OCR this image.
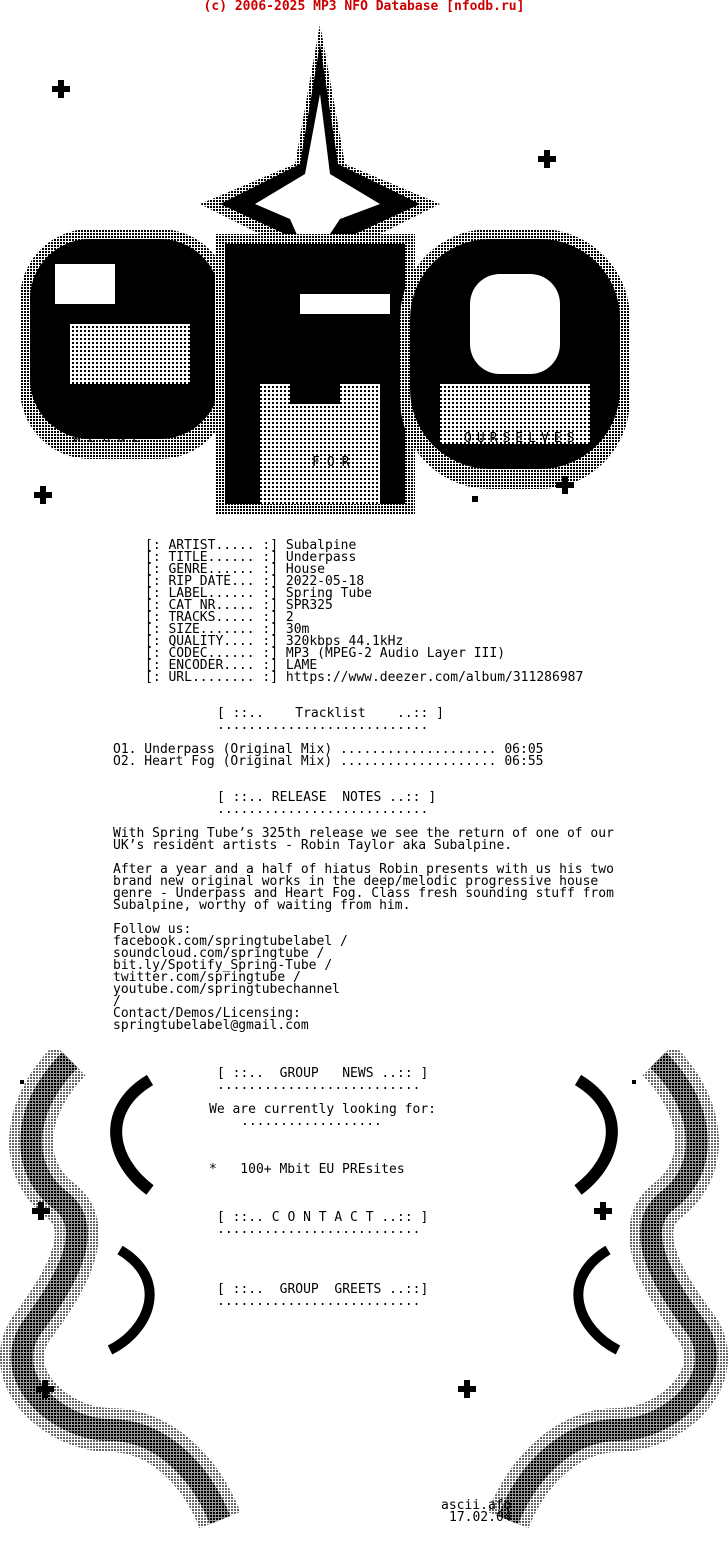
(c) 2006-2025 MP3 NFO Database [nfodb.ru]
ALONE
FOR
OURSELVES
[: ARTIST..... :] Subalpine
[: TITLE...... :] Underpass
[: GENRE...... :] House
[: RIP DATE... :] 2022-05-18
[: LABEL...... :] Spring Tube
[: CAT NR..... :] SPR325
[: TRACKS..... :] 2
[: SIZE....... :] 30m
[: QUALITY.... :] 320kbps 44.1kHz
[: CODEC...... :] MP3 (MPEG-2 Audio Layer III)
[: ENCODER.... :] LAME
[: URL........ :] https://www.deezer.com/album/311286987
[ ::..    Tracklist    ..:: ]
...........................
O1. Underpass (Original Mix) .................... 06:05
O2. Heart Fog (Original Mix) .................... 06:55
[ ::.. RELEASE  NOTES ..:: ]
...........................
With Spring Tube’s 325th release we see the return of one of our
UK’s resident artists - Robin Taylor aka Subalpine.

After a year and a half of hiatus Robin presents with us his two
brand new original works in the deep/melodic progressive house
genre - Underpass and Heart Fog. Class fresh sounding stuff from
Subalpine, worthy of waiting from him.

Follow us:
facebook.com/springtubelabel /
soundcloud.com/springtube /
bit.ly/Spotify_Spring-Tube /
twitter.com/springtube /
youtube.com/springtubechannel
/
Contact/Demos/Licensing:
springtubelabel@gmail.com
[ ::..  GROUP   NEWS ..:: ]
..........................
We are currently looking for:
..................
*   100+ Mbit EU PREsites
[ ::.. C O N T A C T ..:: ]
..........................
[ ::..  GROUP  GREETS ..::]
..........................
ascii.afo
17.02.04
